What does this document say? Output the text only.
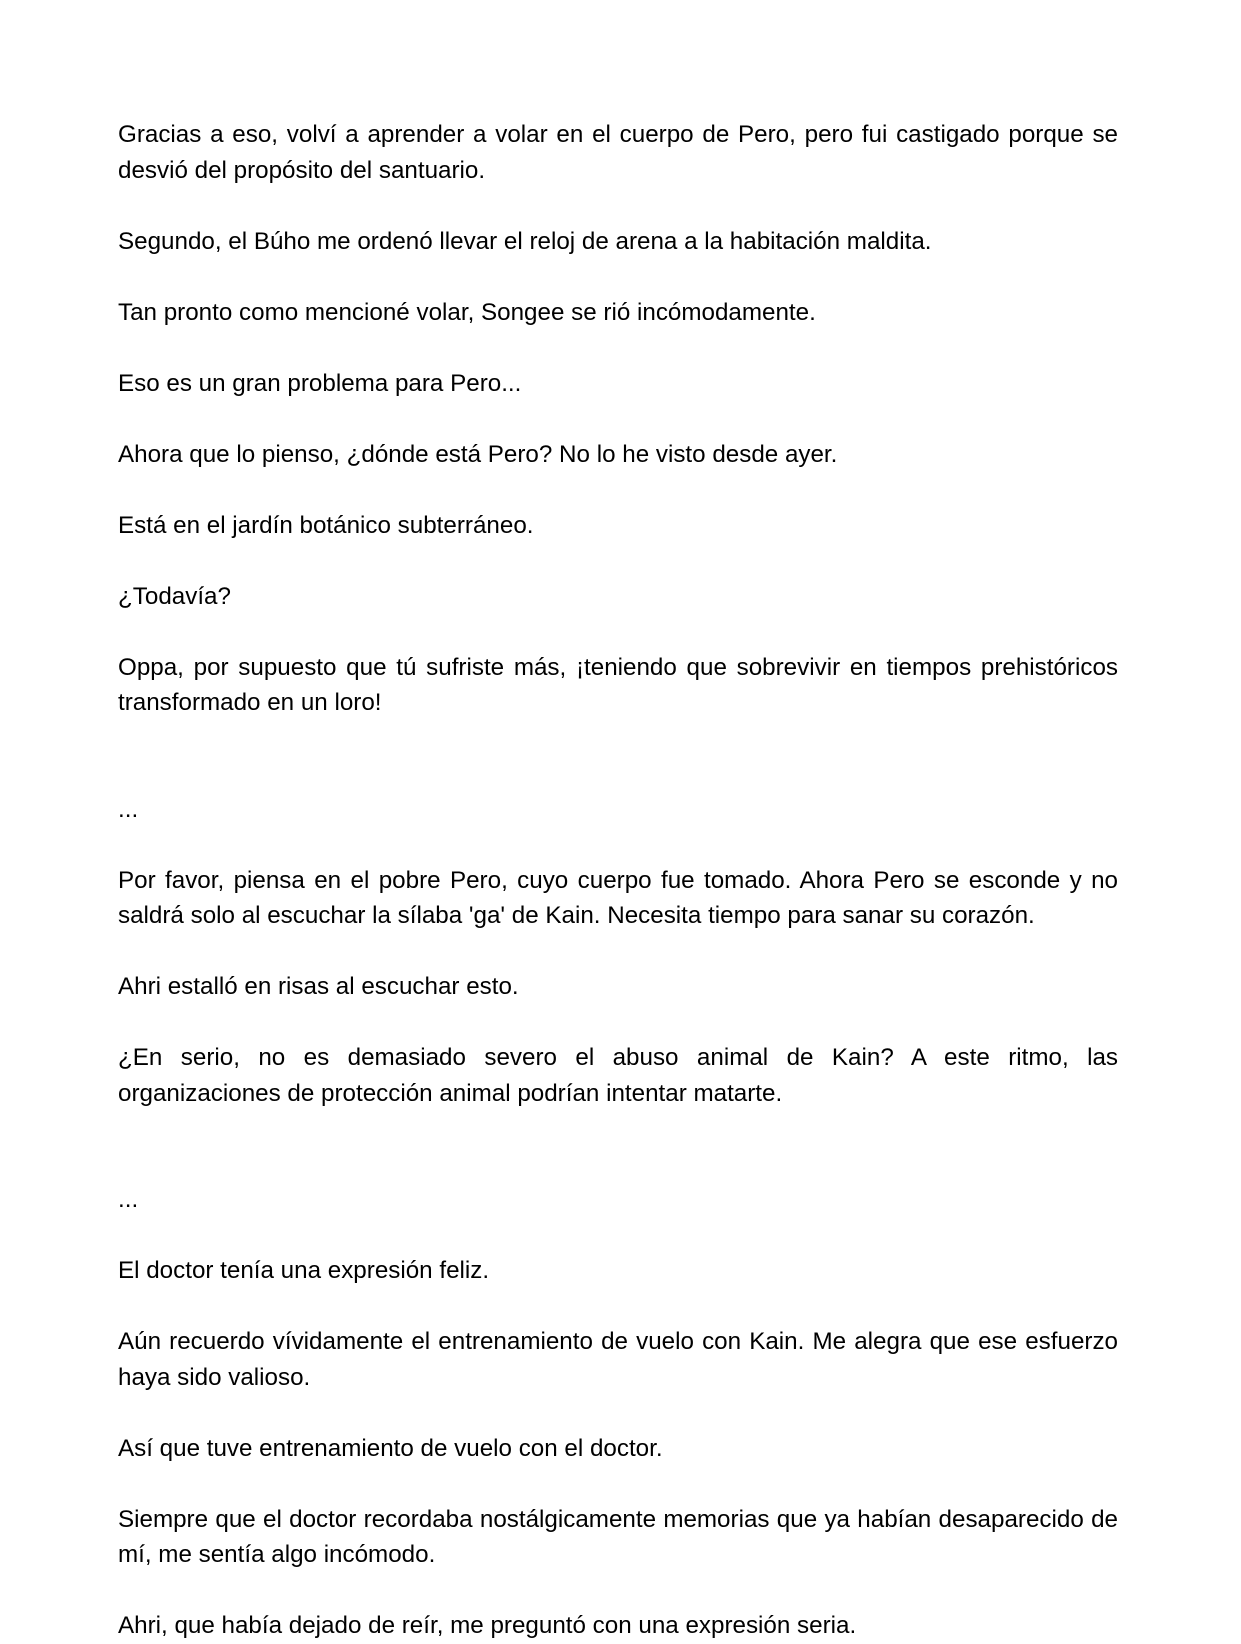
Gracias a eso, volví a aprender a volar en el cuerpo de Pero, pero fui castigado porque se desvió del propósito del santuario.

Segundo, el Búho me ordenó llevar el reloj de arena a la habitación maldita.

Tan pronto como mencioné volar, Songee se rió incómodamente.

Eso es un gran problema para Pero...

Ahora que lo pienso, ¿dónde está Pero? No lo he visto desde ayer.

Está en el jardín botánico subterráneo.

¿Todavía?

Oppa, por supuesto que tú sufriste más, ¡teniendo que sobrevivir en tiempos prehistóricos transformado en un loro!

...

Por favor, piensa en el pobre Pero, cuyo cuerpo fue tomado. Ahora Pero se esconde y no saldrá solo al escuchar la sílaba 'ga' de Kain. Necesita tiempo para sanar su corazón.

Ahri estalló en risas al escuchar esto.

¿En serio, no es demasiado severo el abuso animal de Kain? A este ritmo, las organizaciones de protección animal podrían intentar matarte.

...

El doctor tenía una expresión feliz.

Aún recuerdo vívidamente el entrenamiento de vuelo con Kain. Me alegra que ese esfuerzo haya sido valioso.

Así que tuve entrenamiento de vuelo con el doctor.

Siempre que el doctor recordaba nostálgicamente memorias que ya habían desaparecido de mí, me sentía algo incómodo.

Ahri, que había dejado de reír, me preguntó con una expresión seria.
